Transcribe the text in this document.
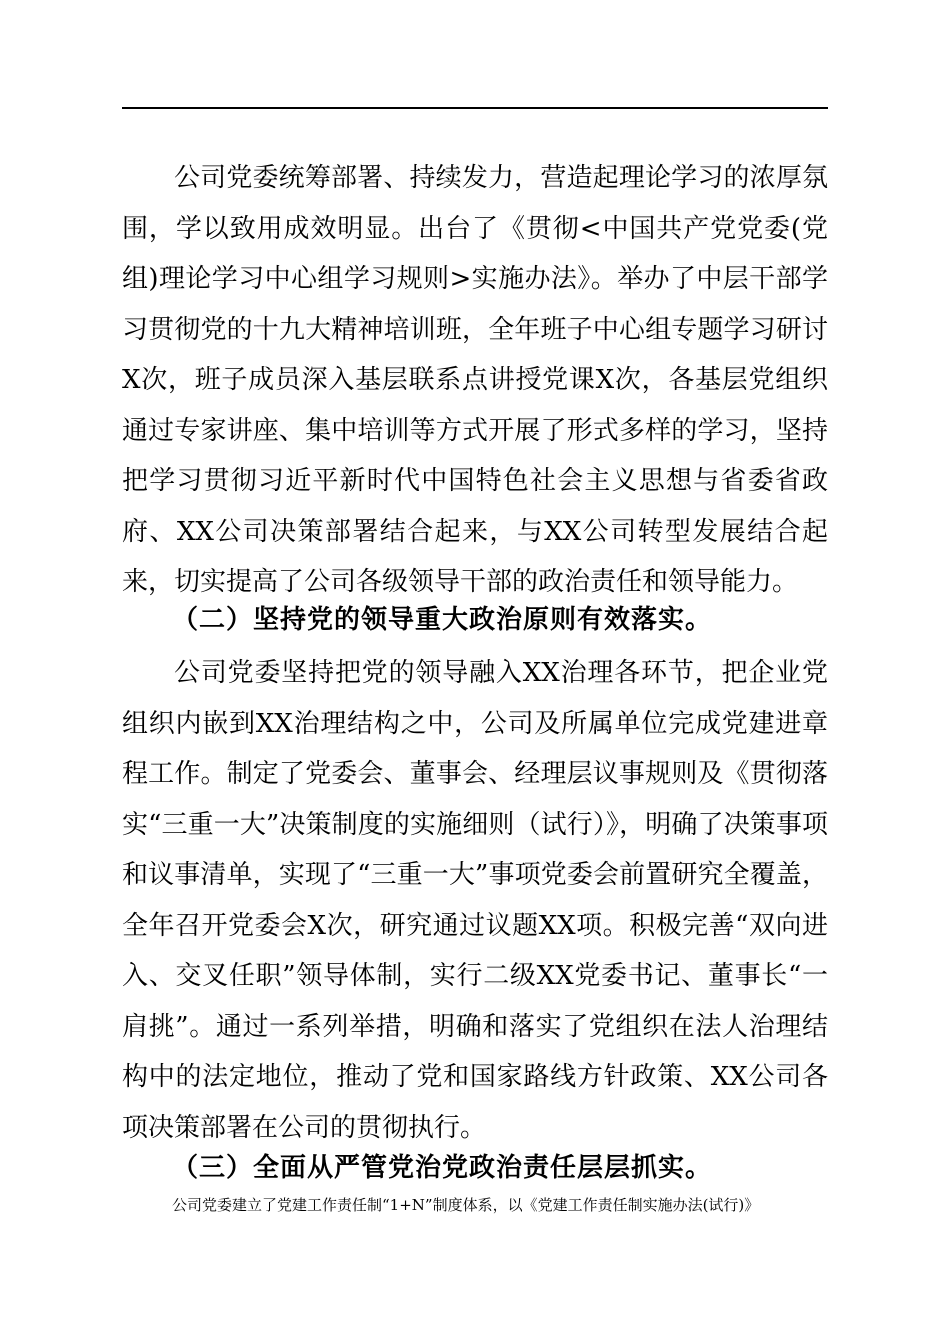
公司党委统筹部署、持续发力，营造起理论学习的浓厚氛围，学以致用成效明显。出台了《贯彻<中国共产党党委(党组)理论学习中心组学习规则>实施办法》。举办了中层干部学习贯彻党的十九大精神培训班，全年班子中心组专题学习研讨X次，班子成员深入基层联系点讲授党课X次，各基层党组织通过专家讲座、集中培训等方式开展了形式多样的学习，坚持把学习贯彻习近平新时代中国特色社会主义思想与省委省政府、XX公司决策部署结合起来，与XX公司转型发展结合起来，切实提高了公司各级领导干部的政治责任和领导能力。

（二）坚持党的领导重大政治原则有效落实。

公司党委坚持把党的领导融入XX治理各环节，把企业党组织内嵌到XX治理结构之中，公司及所属单位完成党建进章程工作。制定了党委会、董事会、经理层议事规则及《贯彻落实“三重一大”决策制度的实施细则（试行）》，明确了决策事项和议事清单，实现了“三重一大”事项党委会前置研究全覆盖，全年召开党委会X次，研究通过议题XX项。积极完善“双向进入、交叉任职”领导体制，实行二级XX党委书记、董事长“一肩挑”。通过一系列举措，明确和落实了党组织在法人治理结构中的法定地位，推动了党和国家路线方针政策、XX公司各项决策部署在公司的贯彻执行。

（三）全面从严管党治党政治责任层层抓实。

公司党委建立了党建工作责任制“1+N”制度体系，以《党建工作责任制实施办法(试行)》
